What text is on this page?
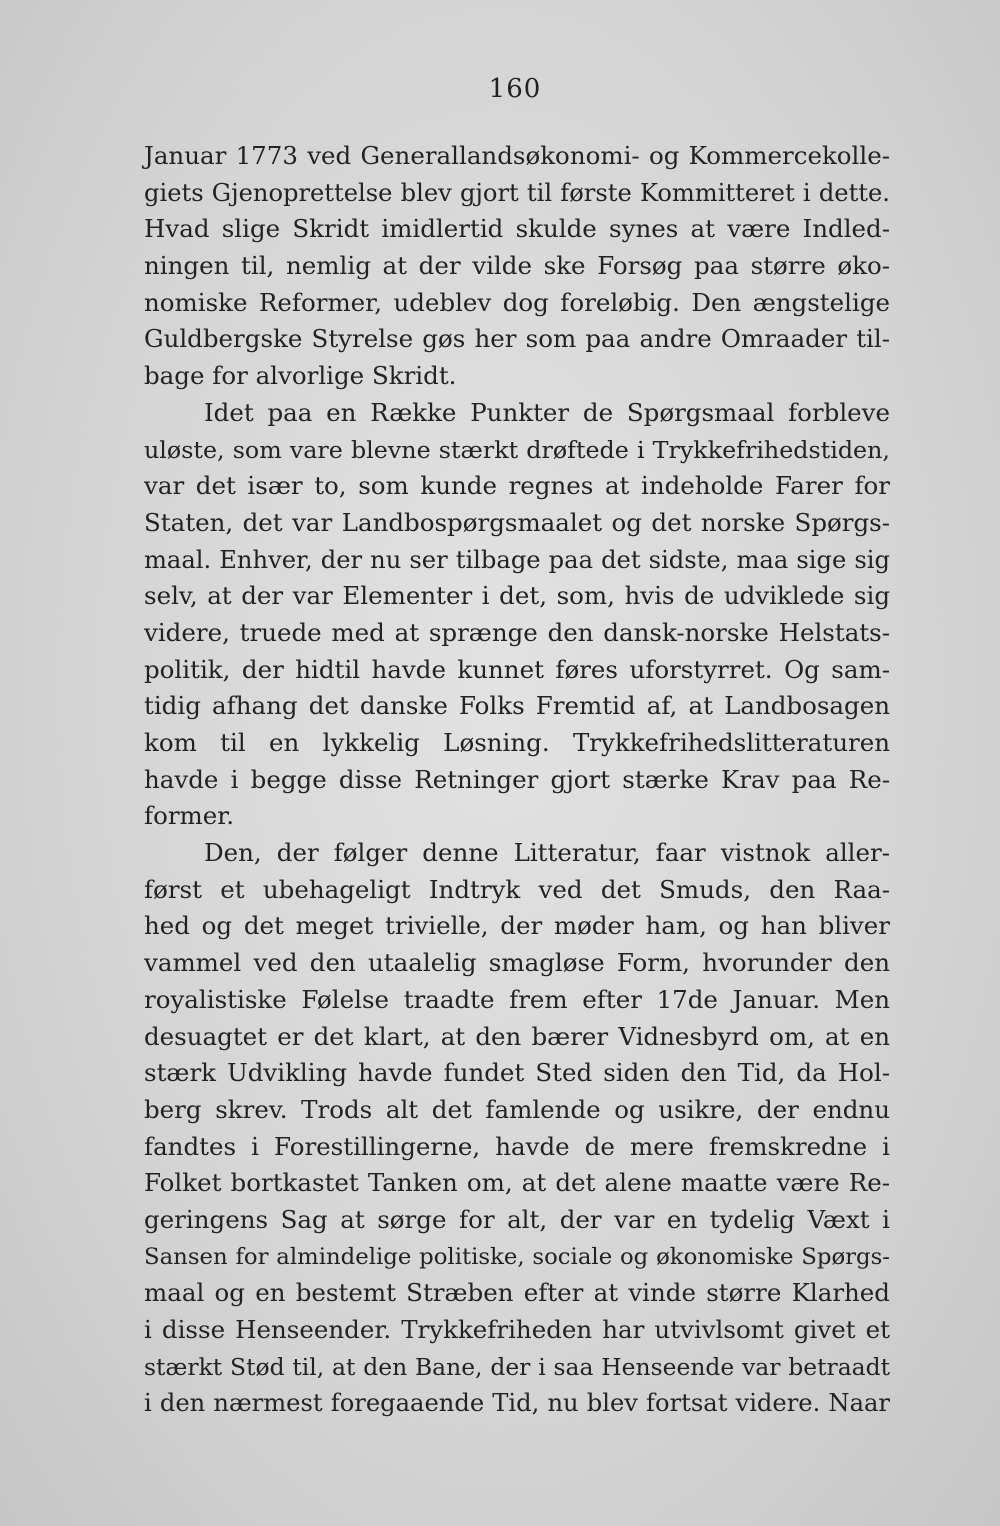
160
Januar 1773 ved Generallandsøkonomi- og Kommercekolle-
giets Gjenoprettelse blev gjort til første Kommitteret i dette.
Hvad slige Skridt imidlertid skulde synes at være Indled-
ningen til, nemlig at der vilde ske Forsøg paa større øko-
nomiske Reformer, udeblev dog foreløbig. Den ængstelige
Guldbergske Styrelse gøs her som paa andre Omraader til-
bage for alvorlige Skridt.
Idet paa en Række Punkter de Spørgsmaal forbleve
uløste, som vare blevne stærkt drøftede i Trykkefrihedstiden,
var det især to, som kunde regnes at indeholde Farer for
Staten, det var Landbospørgsmaalet og det norske Spørgs-
maal. Enhver, der nu ser tilbage paa det sidste, maa sige sig
selv, at der var Elementer i det, som, hvis de udviklede sig
videre, truede med at sprænge den dansk-norske Helstats-
politik, der hidtil havde kunnet føres uforstyrret. Og sam-
tidig afhang det danske Folks Fremtid af, at Landbosagen
kom til en lykkelig Løsning. Trykkefrihedslitteraturen
havde i begge disse Retninger gjort stærke Krav paa Re-
former.
Den, der følger denne Litteratur, faar vistnok aller-
først et ubehageligt Indtryk ved det Smuds, den Raa-
hed og det meget trivielle, der møder ham, og han bliver
vammel ved den utaalelig smagløse Form, hvorunder den
royalistiske Følelse traadte frem efter 17de Januar. Men
desuagtet er det klart, at den bærer Vidnesbyrd om, at en
stærk Udvikling havde fundet Sted siden den Tid, da Hol-
berg skrev. Trods alt det famlende og usikre, der endnu
fandtes i Forestillingerne, havde de mere fremskredne i
Folket bortkastet Tanken om, at det alene maatte være Re-
geringens Sag at sørge for alt, der var en tydelig Væxt i
Sansen for almindelige politiske, sociale og økonomiske Spørgs-
maal og en bestemt Stræben efter at vinde større Klarhed
i disse Henseender. Trykkefriheden har utvivlsomt givet et
stærkt Stød til, at den Bane, der i saa Henseende var betraadt
i den nærmest foregaaende Tid, nu blev fortsat videre. Naar
